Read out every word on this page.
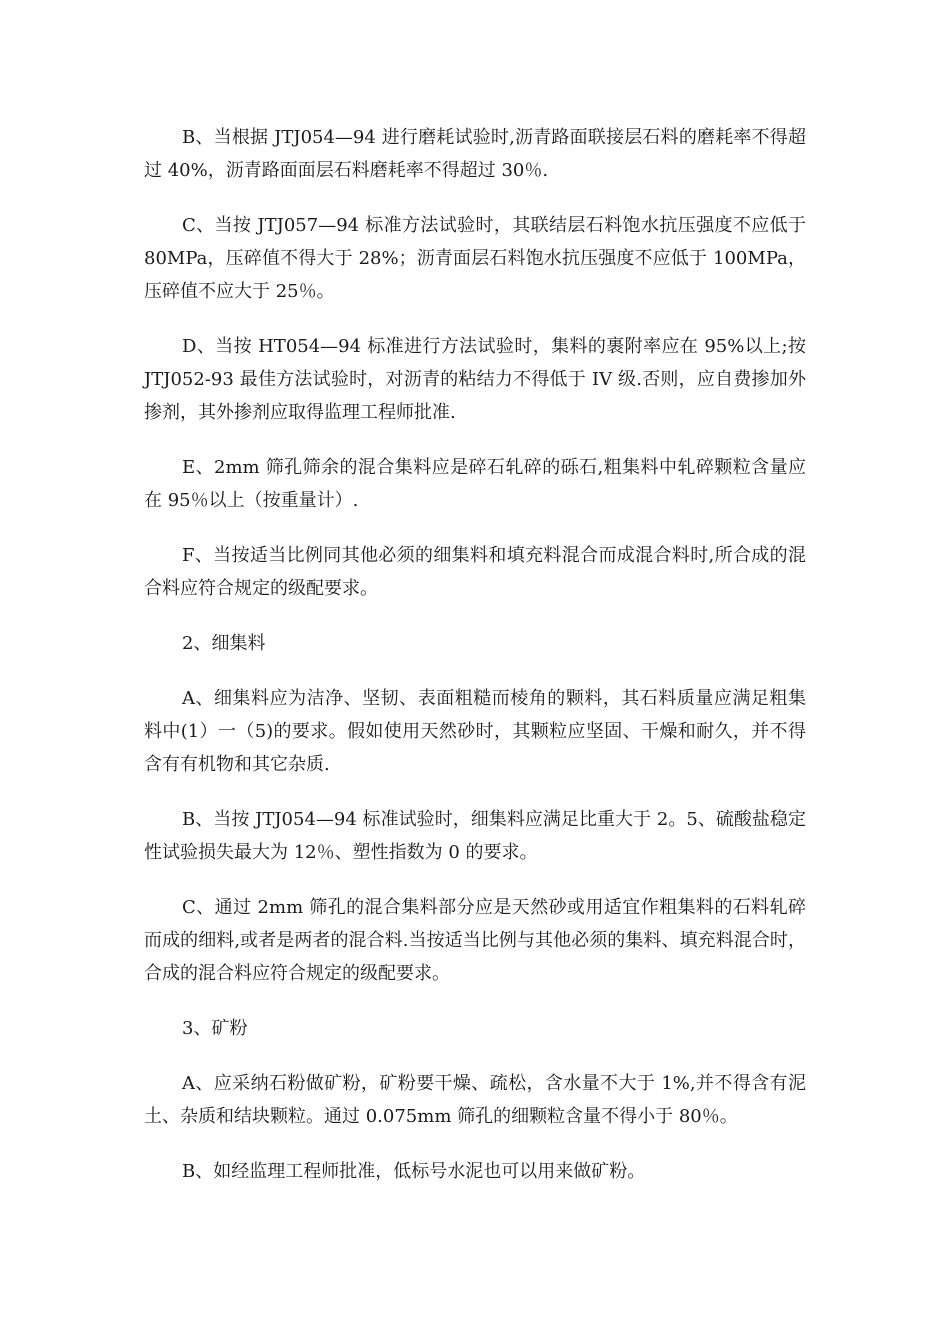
B、当根据 JTJ054—94 进行磨耗试验时,沥青路面联接层石料的磨耗率不得超过 40%，沥青路面面层石料磨耗率不得超过 30％.

C、当按 JTJ057—94 标准方法试验时，其联结层石料饱水抗压强度不应低于 80MPa，压碎值不得大于 28%；沥青面层石料饱水抗压强度不应低于 100MPa，压碎值不应大于 25％。

D、当按 HT054—94 标准进行方法试验时，集料的裹附率应在 95%以上;按 JTJ052-93 最佳方法试验时，对沥青的粘结力不得低于 IV 级.否则，应自费掺加外掺剂，其外掺剂应取得监理工程师批准.

E、2mm 筛孔筛余的混合集料应是碎石轧碎的砾石,粗集料中轧碎颗粒含量应在 95％以上（按重量计）.

F、当按适当比例同其他必须的细集料和填充料混合而成混合料时,所合成的混合料应符合规定的级配要求。

2、细集料

A、细集料应为洁净、坚韧、表面粗糙而棱角的颗料，其石料质量应满足粗集料中(1）一（5)的要求。假如使用天然砂时，其颗粒应坚固、干燥和耐久，并不得含有有机物和其它杂质.

B、当按 JTJ054—94 标准试验时，细集料应满足比重大于 2。5、硫酸盐稳定性试验损失最大为 12％、塑性指数为 0 的要求。

C、通过 2mm 筛孔的混合集料部分应是天然砂或用适宜作粗集料的石料轧碎而成的细料,或者是两者的混合料.当按适当比例与其他必须的集料、填充料混合时，合成的混合料应符合规定的级配要求。

3、矿粉

A、应采纳石粉做矿粉，矿粉要干燥、疏松，含水量不大于 1%,并不得含有泥土、杂质和结块颗粒。通过 0.075mm 筛孔的细颗粒含量不得小于 80％。

B、如经监理工程师批准，低标号水泥也可以用来做矿粉。
